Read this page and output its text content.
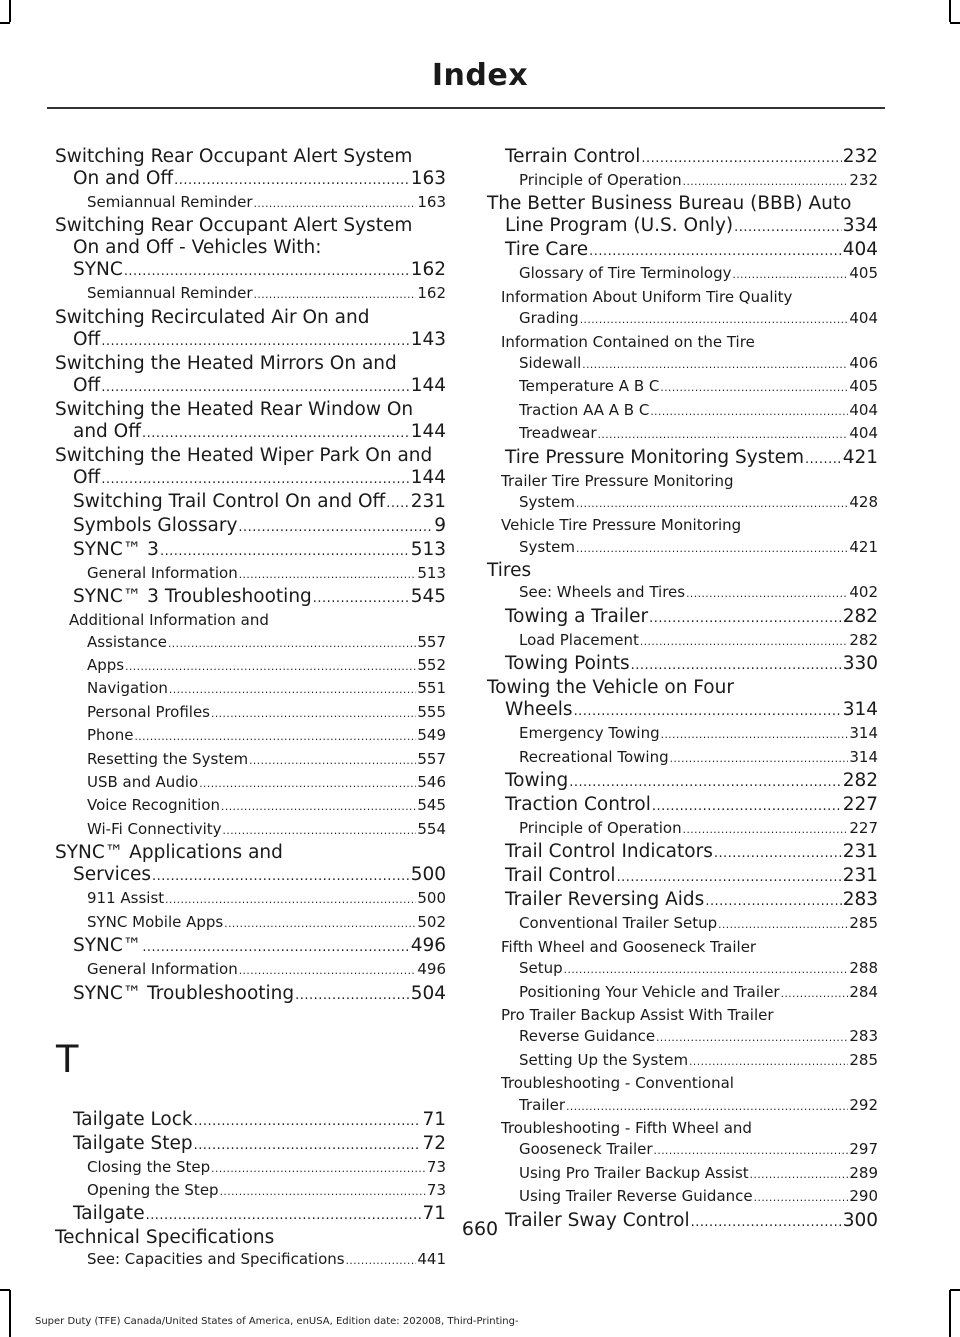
Index
Switching Rear Occupant Alert System
On and Off .....	163
Semiannual Reminder .....	163
Switching Rear Occupant Alert System
On and Off - Vehicles With:
SYNC .....	162
Semiannual Reminder .....	162
Switching Recirculated Air On and
Off .....	143
Switching the Heated Mirrors On and
Off .....	144
Switching the Heated Rear Window On
and Off .....	144
Switching the Heated Wiper Park On and
Off .....	144
Switching Trail Control On and Off ..... 231
Symbols Glossary .....	9
SYNC™ 3 .....	513
General Information .....	513
SYNC™ 3 Troubleshooting .....	545
Additional Information and
Assistance .....	557
Apps .....	552
Navigation .....	551
Personal Profiles .....	555
Phone .....	549
Resetting the System .....	557
USB and Audio .....	546
Voice Recognition .....	545
Wi-Fi Connectivity .....	554
SYNC™ Applications and
Services .....	500
911 Assist .....	500
SYNC Mobile Apps .....	502
SYNC™ .....	496
General Information .....	496
SYNC™ Troubleshooting .....	504
T
Tailgate Lock .....	71
Tailgate Step .....	72
Closing the Step .....	73
Opening the Step .....	73
Tailgate .....	71
Technical Specifications
See: Capacities and Specifications .....	441
Terrain Control .....	232
Principle of Operation .....	232
The Better Business Bureau (BBB) Auto
Line Program (U.S. Only) .....	334
Tire Care .....	404
Glossary of Tire Terminology .....	405
Information About Uniform Tire Quality
Grading .....	404
Information Contained on the Tire
Sidewall .....	406
Temperature A B C .....	405
Traction AA A B C .....	404
Treadwear .....	404
Tire Pressure Monitoring System ..... 421
Trailer Tire Pressure Monitoring
System .....	428
Vehicle Tire Pressure Monitoring
System .....	421
Tires
See: Wheels and Tires .....	402
Towing a Trailer .....	282
Load Placement .....	282
Towing Points .....	330
Towing the Vehicle on Four
Wheels .....	314
Emergency Towing .....	314
Recreational Towing .....	314
Towing .....	282
Traction Control .....	227
Principle of Operation .....	227
Trail Control Indicators .....	231
Trail Control .....	231
Trailer Reversing Aids .....	283
Conventional Trailer Setup .....	285
Fifth Wheel and Gooseneck Trailer
Setup .....	288
Positioning Your Vehicle and Trailer .....	284
Pro Trailer Backup Assist With Trailer
Reverse Guidance .....	283
Setting Up the System .....	285
Troubleshooting - Conventional
Trailer .....	292
Troubleshooting - Fifth Wheel and
Gooseneck Trailer .....	297
Using Pro Trailer Backup Assist .....	289
Using Trailer Reverse Guidance .....	290
Trailer Sway Control .....	300
660
Super Duty (TFE) Canada/United States of America, enUSA, Edition date: 202008, Third-Printing-
